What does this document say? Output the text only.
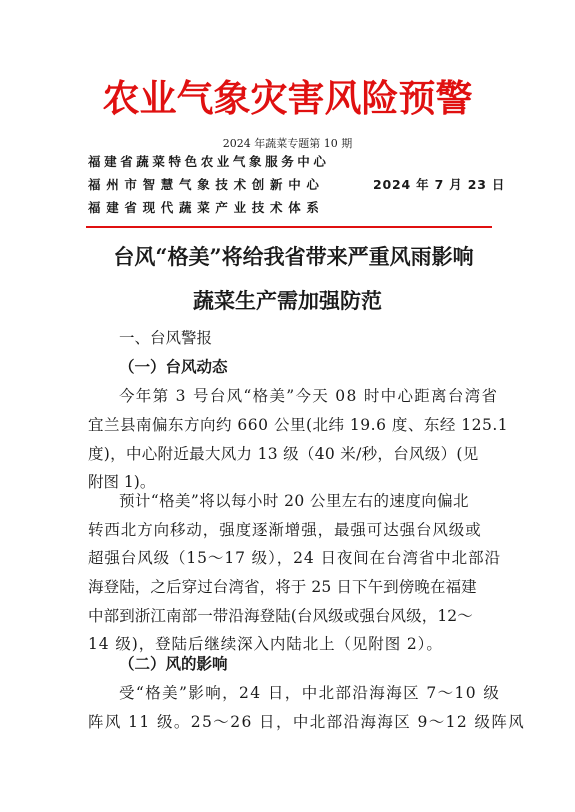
农业气象灾害风险预警
2024 年蔬菜专题第 10 期
福建省蔬菜特色农业气象服务中心
福州市智慧气象技术创新中心
福建省现代蔬菜产业技术体系
2024 年 7 月 23 日
台风“格美”将给我省带来严重风雨影响
蔬菜生产需加强防范
一、台风警报
（一）台风动态
今年第 3 号台风“格美”今天 08 时中心距离台湾省
宜兰县南偏东方向约 660 公里(北纬 19.6 度、东经 125.1
度)，中心附近最大风力 13 级（40 米/秒，台风级）(见
附图 1)。
预计“格美”将以每小时 20 公里左右的速度向偏北
转西北方向移动，强度逐渐增强，最强可达强台风级或
超强台风级（15～17 级），24 日夜间在台湾省中北部沿
海登陆，之后穿过台湾省，将于 25 日下午到傍晚在福建
中部到浙江南部一带沿海登陆(台风级或强台风级，12～
14 级)，登陆后继续深入内陆北上（见附图 2）。
（二）风的影响
受“格美”影响，24 日，中北部沿海海区 7～10 级
阵风 11 级。25～26 日，中北部沿海海区 9～12 级阵风
